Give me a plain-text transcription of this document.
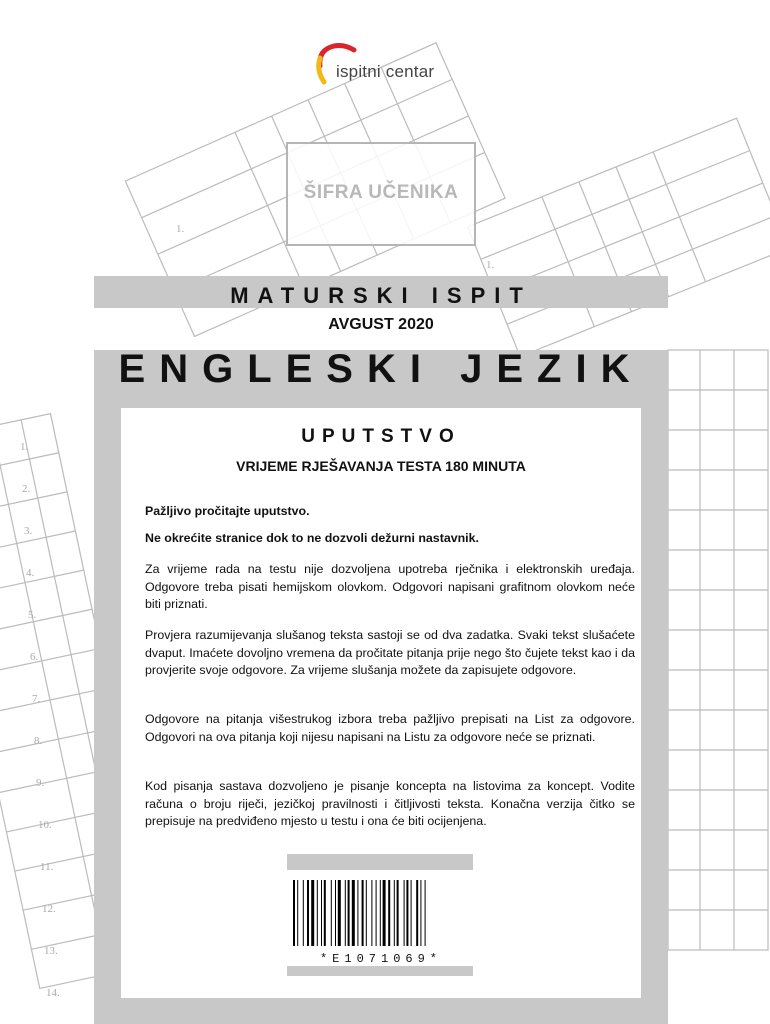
1.
2.
3.
4.
5.
6.
7.
8.
9.
10.
11.
12.
13.
14.
1.
1.
ispitni centar
ŠIFRA UČENIKA
MATURSKI ISPIT
AVGUST 2020
ENGLESKI JEZIK
UPUTSTVO
VRIJEME RJEŠAVANJA TESTA 180 MINUTA

Pažljivo pročitajte uputstvo.

Ne okrećite stranice dok to ne dozvoli dežurni nastavnik.

Za vrijeme rada na testu nije dozvoljena upotreba rječnika i elektronskih uređaja. Odgovore treba pisati hemijskom olovkom. Odgovori napisani grafitnom olovkom neće biti priznati.

Provjera razumijevanja slušanog teksta sastoji se od dva zadatka. Svaki tekst slušaćete dvaput. Imaćete dovoljno vremena da pročitate pitanja prije nego što čujete tekst kao i da provjerite svoje odgovore. Za vrijeme slušanja možete da zapisujete odgovore.

Odgovore na pitanja višestrukog izbora treba pažljivo prepisati na List za odgovore. Odgovori na ova pitanja koji nijesu napisani na Listu za odgovore neće se priznati.

Kod pisanja sastava dozvoljeno je pisanje koncepta na listovima za koncept. Vodite računa o broju riječi, jezičkoj pravilnosti i čitljivosti teksta. Konačna verzija čitko se prepisuje na predviđeno mjesto u testu i ona će biti ocijenjena.

*E1071069*
